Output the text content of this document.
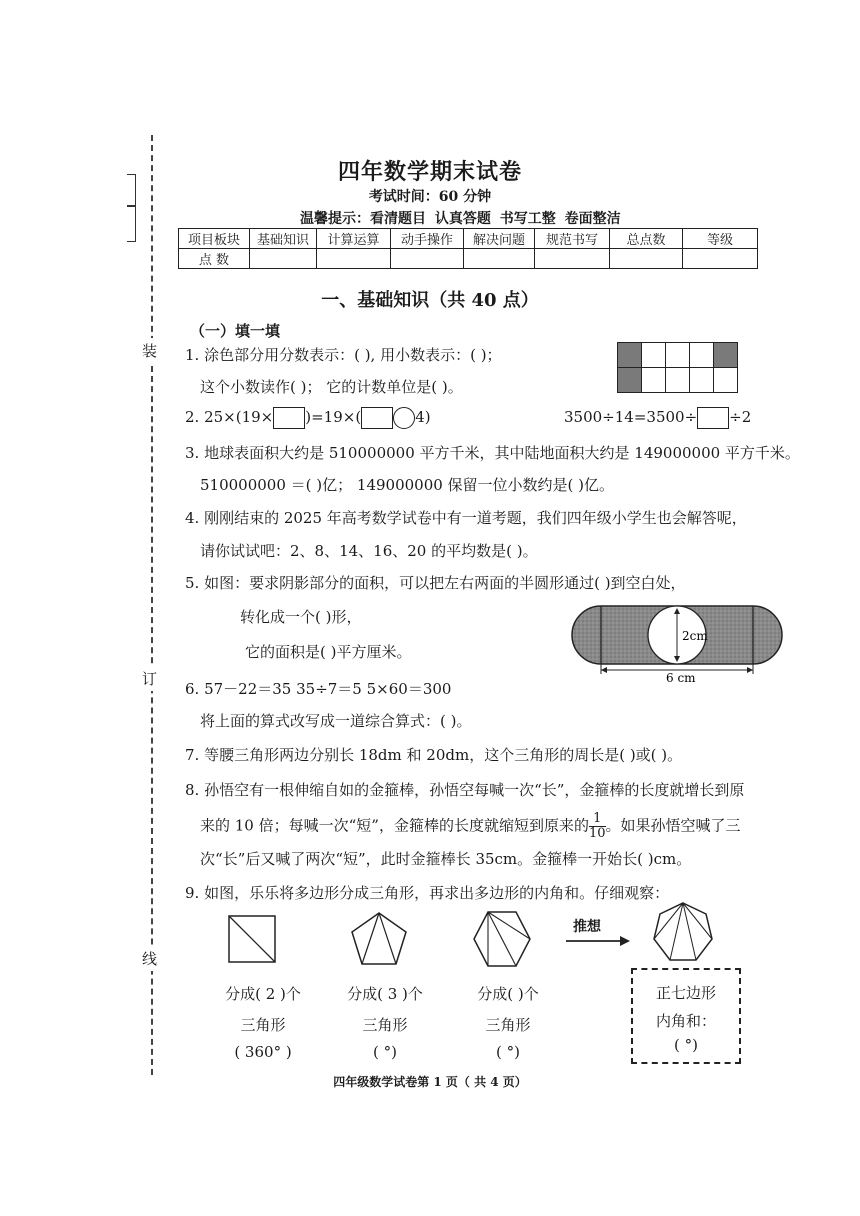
装
订
线
四年数学期末试卷
考试时间：60 分钟
温馨提示：看清题目 认真答题 书写工整 卷面整洁
项目板块	基础知识	计算运算	动手操作	解决问题	规范书写	总点数	等级
点 数							
一、基础知识（共 40 点）
（一）填一填
1. 涂色部分用分数表示：( ), 用小数表示：( )；
这个小数读作( )； 它的计数单位是( )。

2. 25×(19× )=19×(	4)	3500÷14=3500÷ ÷2
3. 地球表面积大约是 510000000 平方千米，其中陆地面积大约是 149000000 平方千米。
510000000 ＝( )亿； 149000000 保留一位小数约是( )亿。
4. 刚刚结束的 2025 年高考数学试卷中有一道考题，我们四年级小学生也会解答呢，
请你试试吧：2、8、14、16、20 的平均数是( )。
5. 如图：要求阴影部分的面积，可以把左右两面的半圆形通过( )到空白处，
转化成一个( )形，
它的面积是( )平方厘米。
2cm
6 cm
6. 57－22＝35 35÷7＝5 5×60＝300
将上面的算式改写成一道综合算式：( )。
7. 等腰三角形两边分别长 18dm 和 20dm，这个三角形的周长是( )或( )。
8. 孙悟空有一根伸缩自如的金箍棒，孙悟空每喊一次“长”，金箍棒的长度就增长到原
来的 10 倍；每喊一次“短”，金箍棒的长度就缩短到原来的 $\frac{1}{10}$ 。如果孙悟空喊了三
次“长”后又喊了两次“短”，此时金箍棒长 35cm。金箍棒一开始长( )cm。
9. 如图，乐乐将多边形分成三角形，再求出多边形的内角和。仔细观察：
推想
分成( 2 )个
三角形
( 360° )
分成( 3 )个
三角形
( °)
分成( )个
三角形
( °)
正七边形
内角和：
( °)
四年级数学试卷第 1 页（ 共 4 页）
